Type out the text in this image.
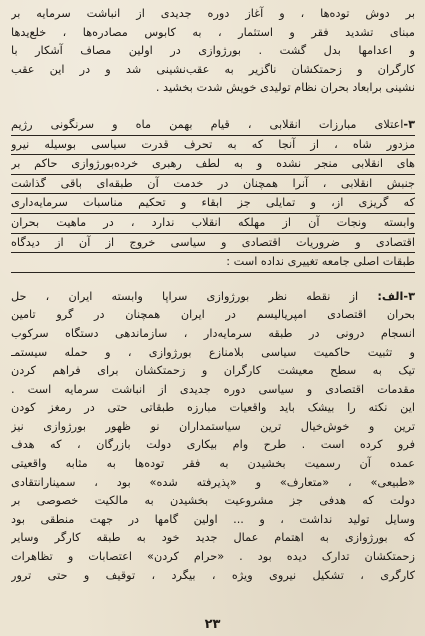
بر دوش توده‌ها ، و آغاز دوره جدیدی از انباشت سرمایه بر
مبنای تشدید فقر و استثمار ، به کابوس مصادره‌ها ، خلع‌یدها
و اعدامها بدل گشت . بورژوازی در اولین مصاف آشکار با
کارگران و زحمتکشان ناگزیر به عقب‌نشینی شد و در این عقب
نشینی برابعاد بحران نظام تولیدی خویش شدت بخشید .
۳-اعتلای مبارزات انقلابی ، قیام بهمن ماه و سرنگونی رژیم
مزدور شاه ، از آنجا که به تحرف قدرت سیاسی بوسیله نیرو
های انقلابی منجر نشده و به لطف رهبری خرده‌بورژوازی حاکم بر
جنبش انقلابی ، آنرا همچنان در خدمت آن طبقه‌ای باقی گذاشت
که گریزی از، و تمایلی جز ابقاء و تحکیم مناسبات سرمایه‌داری
وابسته ونجات آن از مهلکه انقلاب ندارد ، در ماهیت بحران
اقتصادی و ضروریات اقتصادی و سیاسی خروج از آن از دیدگاه
طبقات اصلی جامعه تغییری نداده است :
۳-الف: از نقطه نظر بورژوازی سراپا وابسته ایران ، حل
بحران اقتصادی امپریالیسم در ایران همچنان در گرو تامین
انسجام درونی در طبقه سرمایه‌دار ، سازماندهی دستگاه سرکوب
و تثبیت حاکمیت سیاسی بلامنازع بورژوازی ، و حمله سیستمـ
تیک به سطح معیشت کارگران و زحمتکشان برای فراهم کردن
مقدمات اقتصادی و سیاسی دوره جدیدی از انباشت سرمایه است .
این نکته را بیشک باید واقعیات مبارزه طبقاتی حتی در رمغز کودن
ترین و خوش‌خیال ترین سیاستمداران نو ظهور بورژوازی نیز
فرو کرده است . طرح وام بیکاری دولت بازرگان ، که هدف
عمده آن رسمیت بخشیدن به فقر توده‌ها به مثابه واقعیتی
«طبیعی» ، «متعارف» و «پذیرفته شده» بود ، سمینارانتقادی
دولت که هدفی جز مشروعیت بخشیدن به مالکیت خصوصی بر
وسایل تولید نداشت ، و ... اولین گامها در جهت منطقی بود
که بورژوازی به اهتمام عمال جدید خود به طبقه کارگر وسایر
زحمتکشان تدارک دیده بود . «حرام کردن» اعتصابات و تظاهرات
کارگری ، تشکیل نیروی ویژه ، بیگرد ، توقیف و حتی ترور
۲۳
